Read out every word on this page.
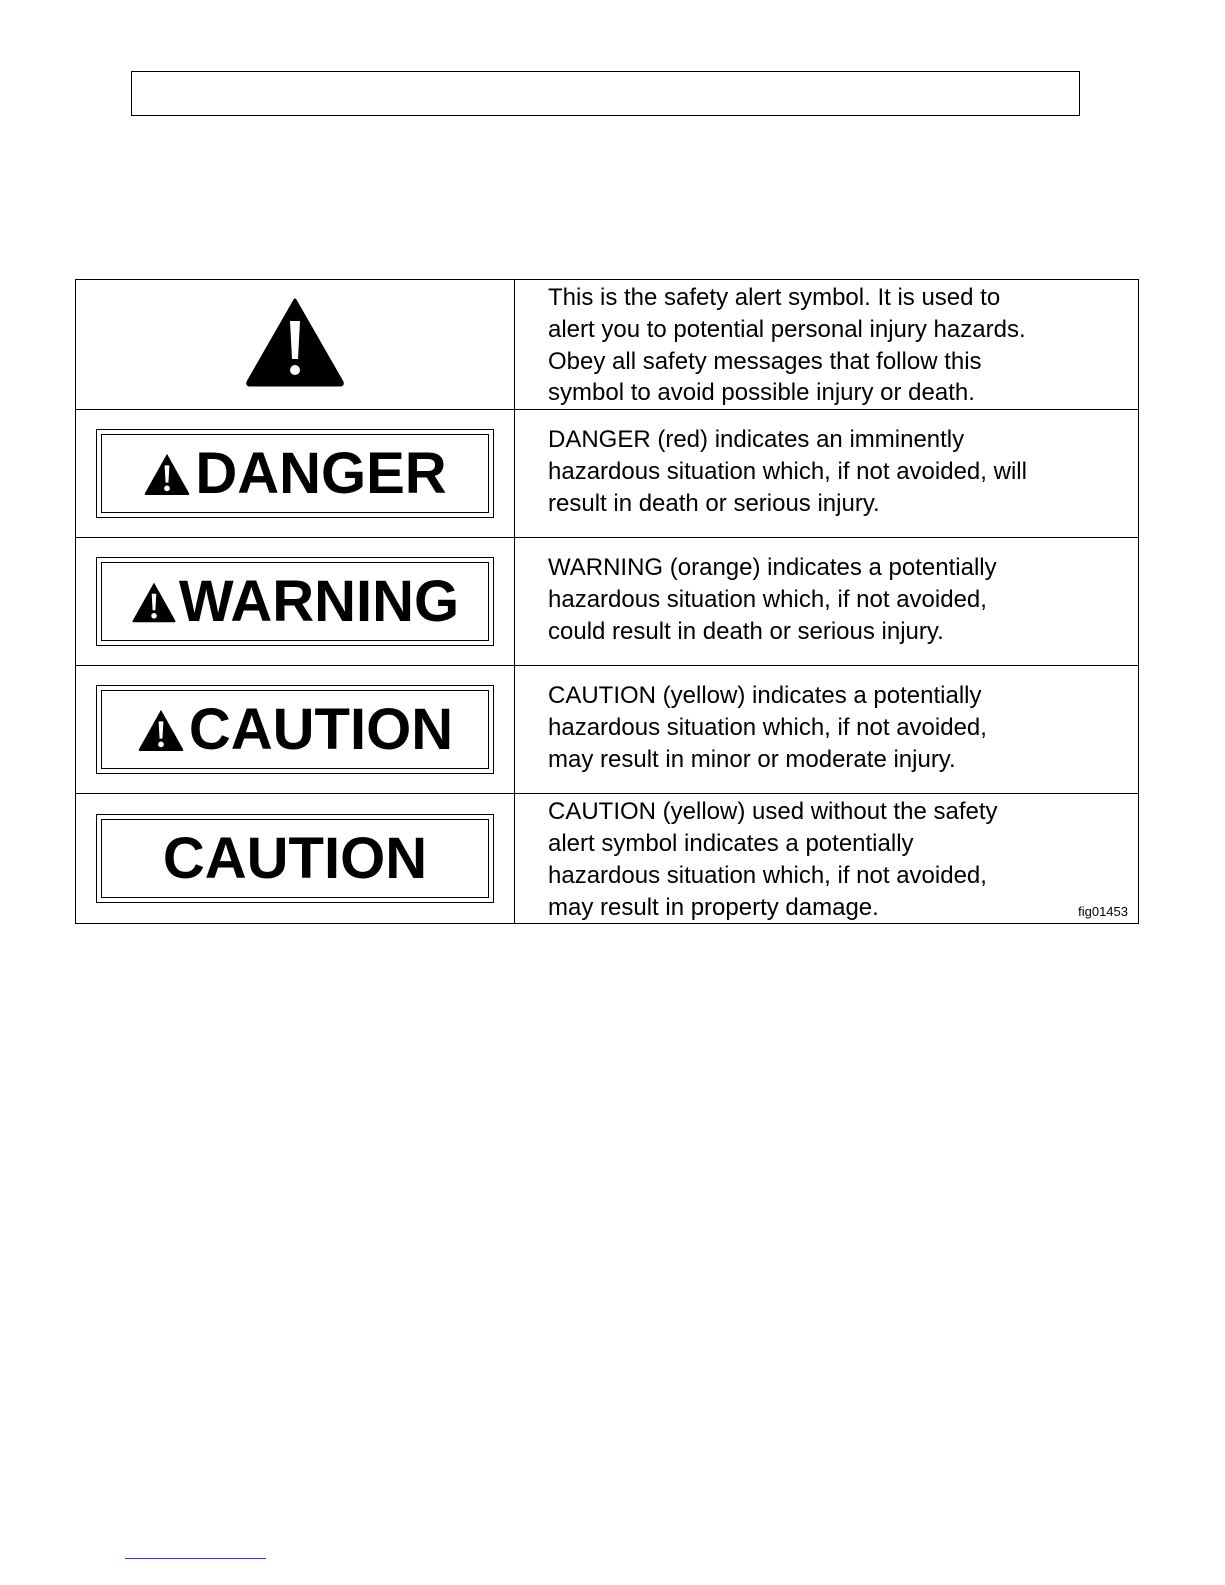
This is the safety alert symbol. It is used to
alert you to potential personal injury hazards.
Obey all safety messages that follow this
symbol to avoid possible injury or death.

DANGER	DANGER (red) indicates an imminently
hazardous situation which, if not avoided, will
result in death or serious injury.

WARNING	WARNING (orange) indicates a potentially
hazardous situation which, if not avoided,
could result in death or serious injury.

CAUTION	CAUTION (yellow) indicates a potentially
hazardous situation which, if not avoided,
may result in minor or moderate injury.

CAUTION	CAUTION (yellow) used without the safety
alert symbol indicates a potentially
hazardous situation which, if not avoided,
may result in property damage. fig01453
